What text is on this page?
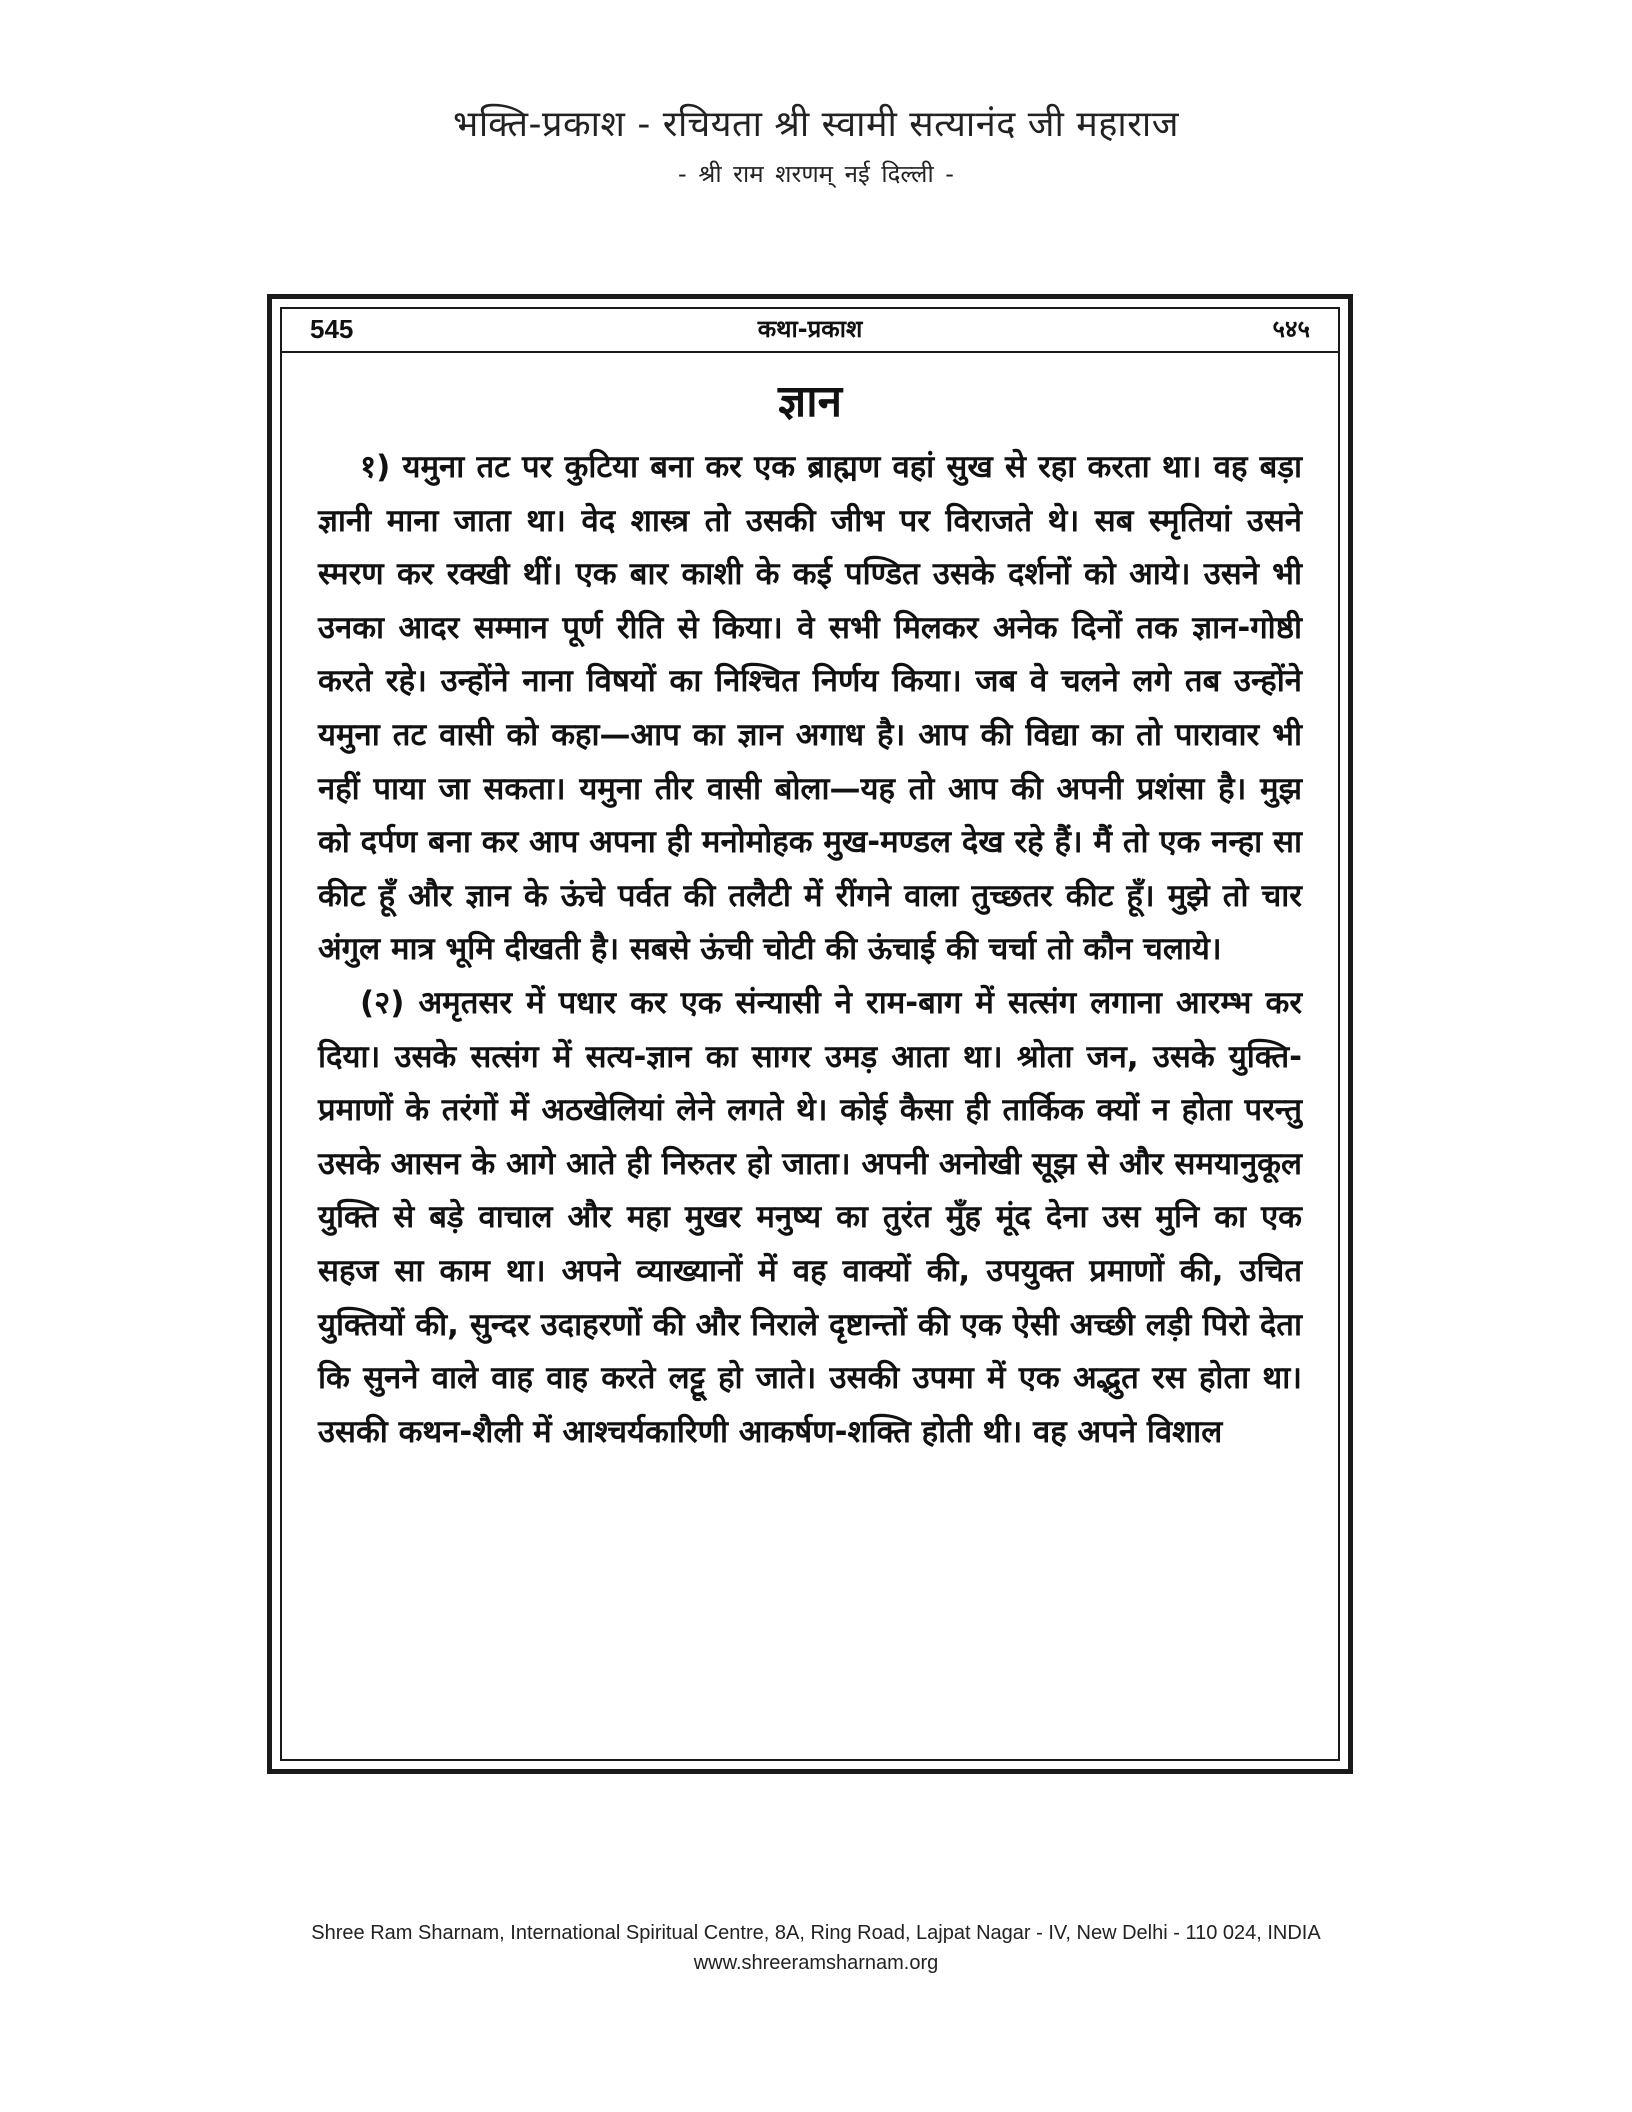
भक्ति-प्रकाश - रचियता श्री स्वामी सत्यानंद जी महाराज
- श्री राम शरणम् नई दिल्ली -
545	कथा-प्रकाश	५४५
ज्ञान

१) यमुना तट पर कुटिया बना कर एक ब्राह्मण वहां सुख से रहा करता था। वह बड़ा ज्ञानी माना जाता था। वेद शास्त्र तो उसकी जीभ पर विराजते थे। सब स्मृतियां उसने स्मरण कर रक्खी थीं। एक बार काशी के कई पण्डित उसके दर्शनों को आये। उसने भी उनका आदर सम्मान पूर्ण रीति से किया। वे सभी मिलकर अनेक दिनों तक ज्ञान-गोष्ठी करते रहे। उन्होंने नाना विषयों का निश्चित निर्णय किया। जब वे चलने लगे तब उन्होंने यमुना तट वासी को कहा—आप का ज्ञान अगाध है। आप की विद्या का तो पारावार भी नहीं पाया जा सकता। यमुना तीर वासी बोला—यह तो आप की अपनी प्रशंसा है। मुझ को दर्पण बना कर आप अपना ही मनोमोहक मुख-मण्डल देख रहे हैं। मैं तो एक नन्हा सा कीट हूँ और ज्ञान के ऊंचे पर्वत की तलैटी में रींगने वाला तुच्छतर कीट हूँ। मुझे तो चार अंगुल मात्र भूमि दीखती है। सबसे ऊंची चोटी की ऊंचाई की चर्चा तो कौन चलाये।

(२) अमृतसर में पधार कर एक संन्यासी ने राम-बाग में सत्संग लगाना आरम्भ कर दिया। उसके सत्संग में सत्य-ज्ञान का सागर उमड़ आता था। श्रोता जन, उसके युक्ति-प्रमाणों के तरंगों में अठखेलियां लेने लगते थे। कोई कैसा ही तार्किक क्यों न होता परन्तु उसके आसन के आगे आते ही निरुतर हो जाता। अपनी अनोखी सूझ से और समयानुकूल युक्ति से बड़े वाचाल और महा मुखर मनुष्य का तुरंत मुँह मूंद देना उस मुनि का एक सहज सा काम था। अपने व्याख्यानों में वह वाक्यों की, उपयुक्त प्रमाणों की, उचित युक्तियों की, सुन्दर उदाहरणों की और निराले दृष्टान्तों की एक ऐसी अच्छी लड़ी पिरो देता कि सुनने वाले वाह वाह करते लट्टू हो जाते। उसकी उपमा में एक अद्भुत रस होता था। उसकी कथन-शैली में आश्चर्यकारिणी आकर्षण-शक्ति होती थी। वह अपने विशाल

Shree Ram Sharnam, International Spiritual Centre, 8A, Ring Road, Lajpat Nagar - IV, New Delhi - 110 024, INDIA
www.shreeramsharnam.org
